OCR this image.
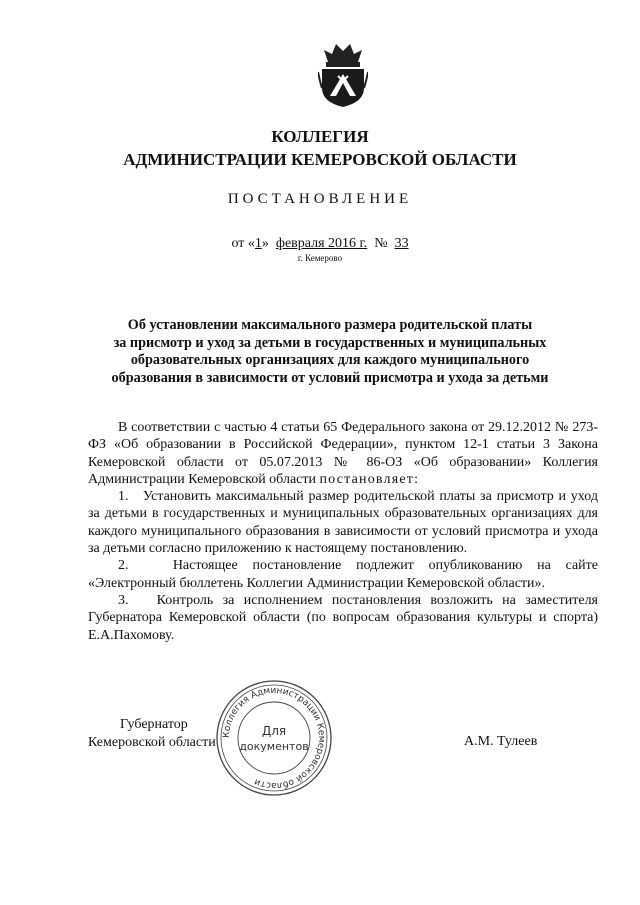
КОЛЛЕГИЯ
АДМИНИСТРАЦИИ КЕМЕРОВСКОЙ ОБЛАСТИ
ПОСТАНОВЛЕНИЕ
от «1» февраля 2016 г. № 33
г. Кемерово
Об установлении максимального размера родительской платы
за присмотр и уход за детьми в государственных и муниципальных
образовательных организациях для каждого муниципального
образования в зависимости от условий присмотра и ухода за детьми

В соответствии с частью 4 статьи 65 Федерального закона от 29.12.2012 № 273-ФЗ «Об образовании в Российской Федерации», пунктом 12-1 статьи 3 Закона Кемеровской области от 05.07.2013 № 86-ОЗ «Об образовании» Коллегия Администрации Кемеровской области постановляет:

1.   Установить максимальный размер родительской платы за присмотр и уход за детьми в государственных и муниципальных образовательных организациях для каждого муниципального образования в зависимости от условий присмотра и ухода за детьми согласно приложению к настоящему постановлению.

2.   Настоящее постановление подлежит опубликованию на сайте «Электронный бюллетень Коллегии Администрации Кемеровской области».

3.   Контроль за исполнением постановления возложить на заместителя Губернатора Кемеровской области (по вопросам образования культуры и спорта) Е.А.Пахомову.

Губернатор
Кемеровской области	А.М. Тулеев
Коллегия Администрации Кемеровской области
Для
документов
